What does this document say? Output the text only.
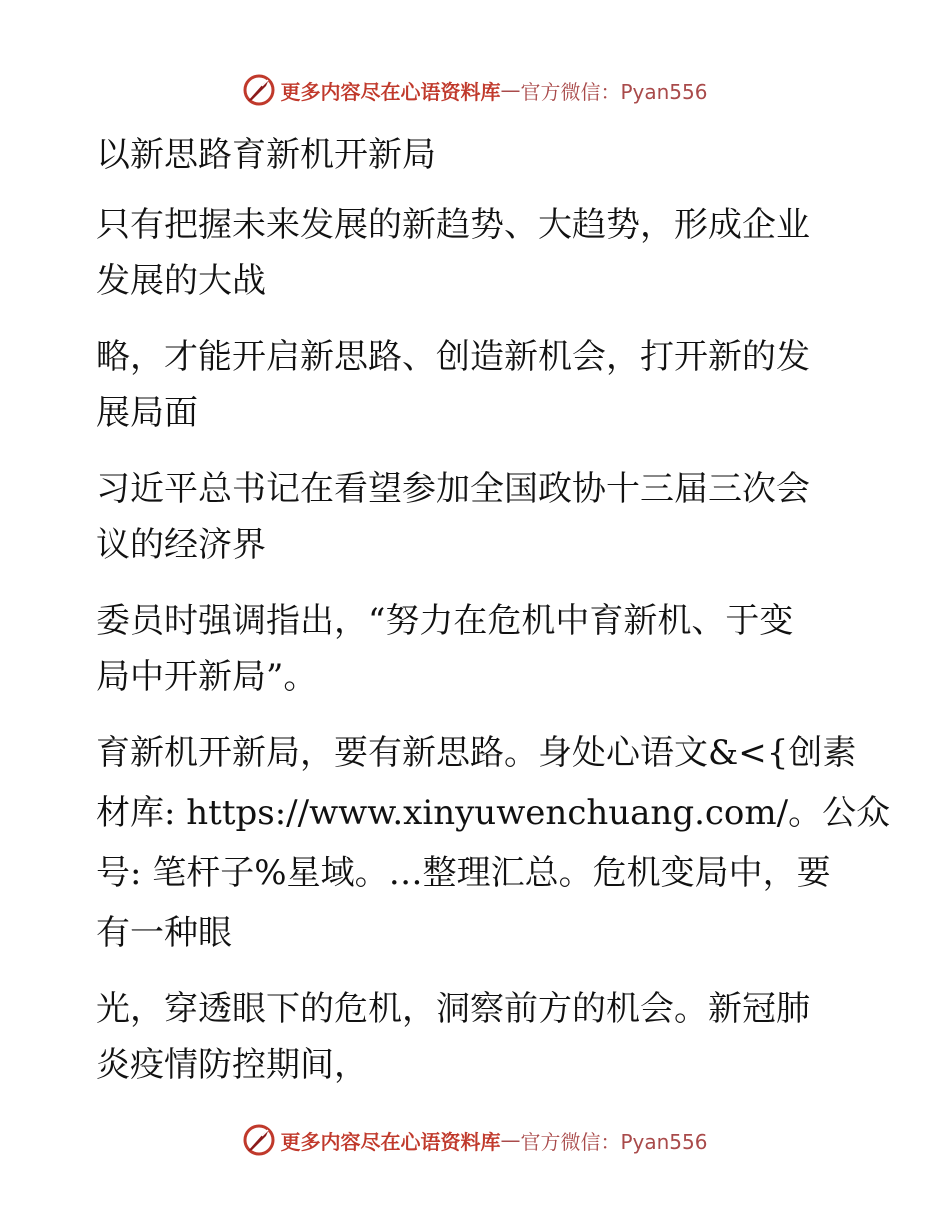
更多内容尽在心语资料库 — 官方微信：Pyan556

以新思路育新机开新局

只有把握未来发展的新趋势、大趋势，形成企业

发展的大战

略，才能开启新思路、创造新机会，打开新的发

展局面

习近平总书记在看望参加全国政协十三届三次会

议的经济界

委员时强调指出，“努力在危机中育新机、于变

局中开新局”。

育新机开新局，要有新思路。身处心语文&<{创素

材库: https://www.xinyuwenchuang.com/。公众

号: 笔杆子%星域。…整理汇总。危机变局中，要

有一种眼

光，穿透眼下的危机，洞察前方的机会。新冠肺

炎疫情防控期间，

更多内容尽在心语资料库 — 官方微信：Pyan556
